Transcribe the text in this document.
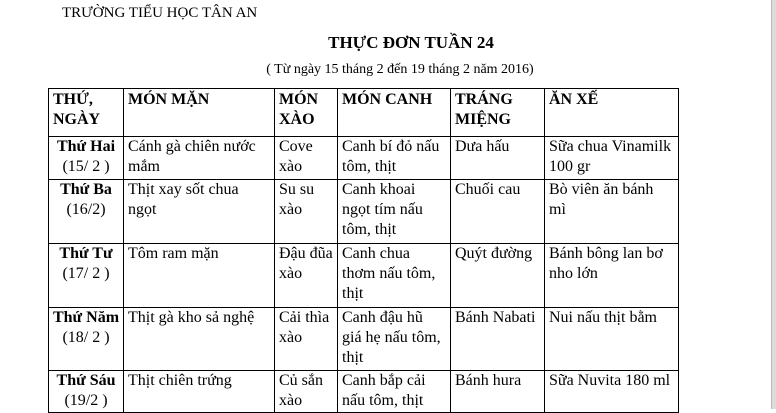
TRƯỜNG TIỂU HỌC TÂN AN
THỰC ĐƠN TUẦN 24
( Từ ngày 15 tháng 2 đến 19 tháng 2 năm 2016)
THỨ, NGÀY	MÓN MẶN	MÓN XÀO	MÓN CANH	TRÁNG MIỆNG	ĂN XẾ

Thứ Hai
(15/ 2 )	Cánh gà chiên nước mắm	Cove xào	Canh bí đỏ nấu tôm, thịt	Dưa hấu	Sữa chua Vinamilk 100 gr

Thứ Ba
(16/2)	Thịt xay sốt chua ngọt	Su su xào	Canh khoai ngọt tím nấu tôm, thịt	Chuối cau	Bò viên ăn bánh mì

Thứ Tư
(17/ 2 )	Tôm ram mặn	Đậu đũa xào	Canh chua thơm nấu tôm, thịt	Quýt đường	Bánh bông lan bơ nho lớn

Thứ Năm
(18/ 2 )	Thịt gà kho sả nghệ	Cải thìa xào	Canh đậu hũ giá hẹ nấu tôm, thịt	Bánh Nabati	Nui nấu thịt bằm

Thứ Sáu
(19/2 )	Thịt chiên trứng	Củ sắn xào	Canh bắp cải nấu tôm, thịt	Bánh hura	Sữa Nuvita 180 ml
